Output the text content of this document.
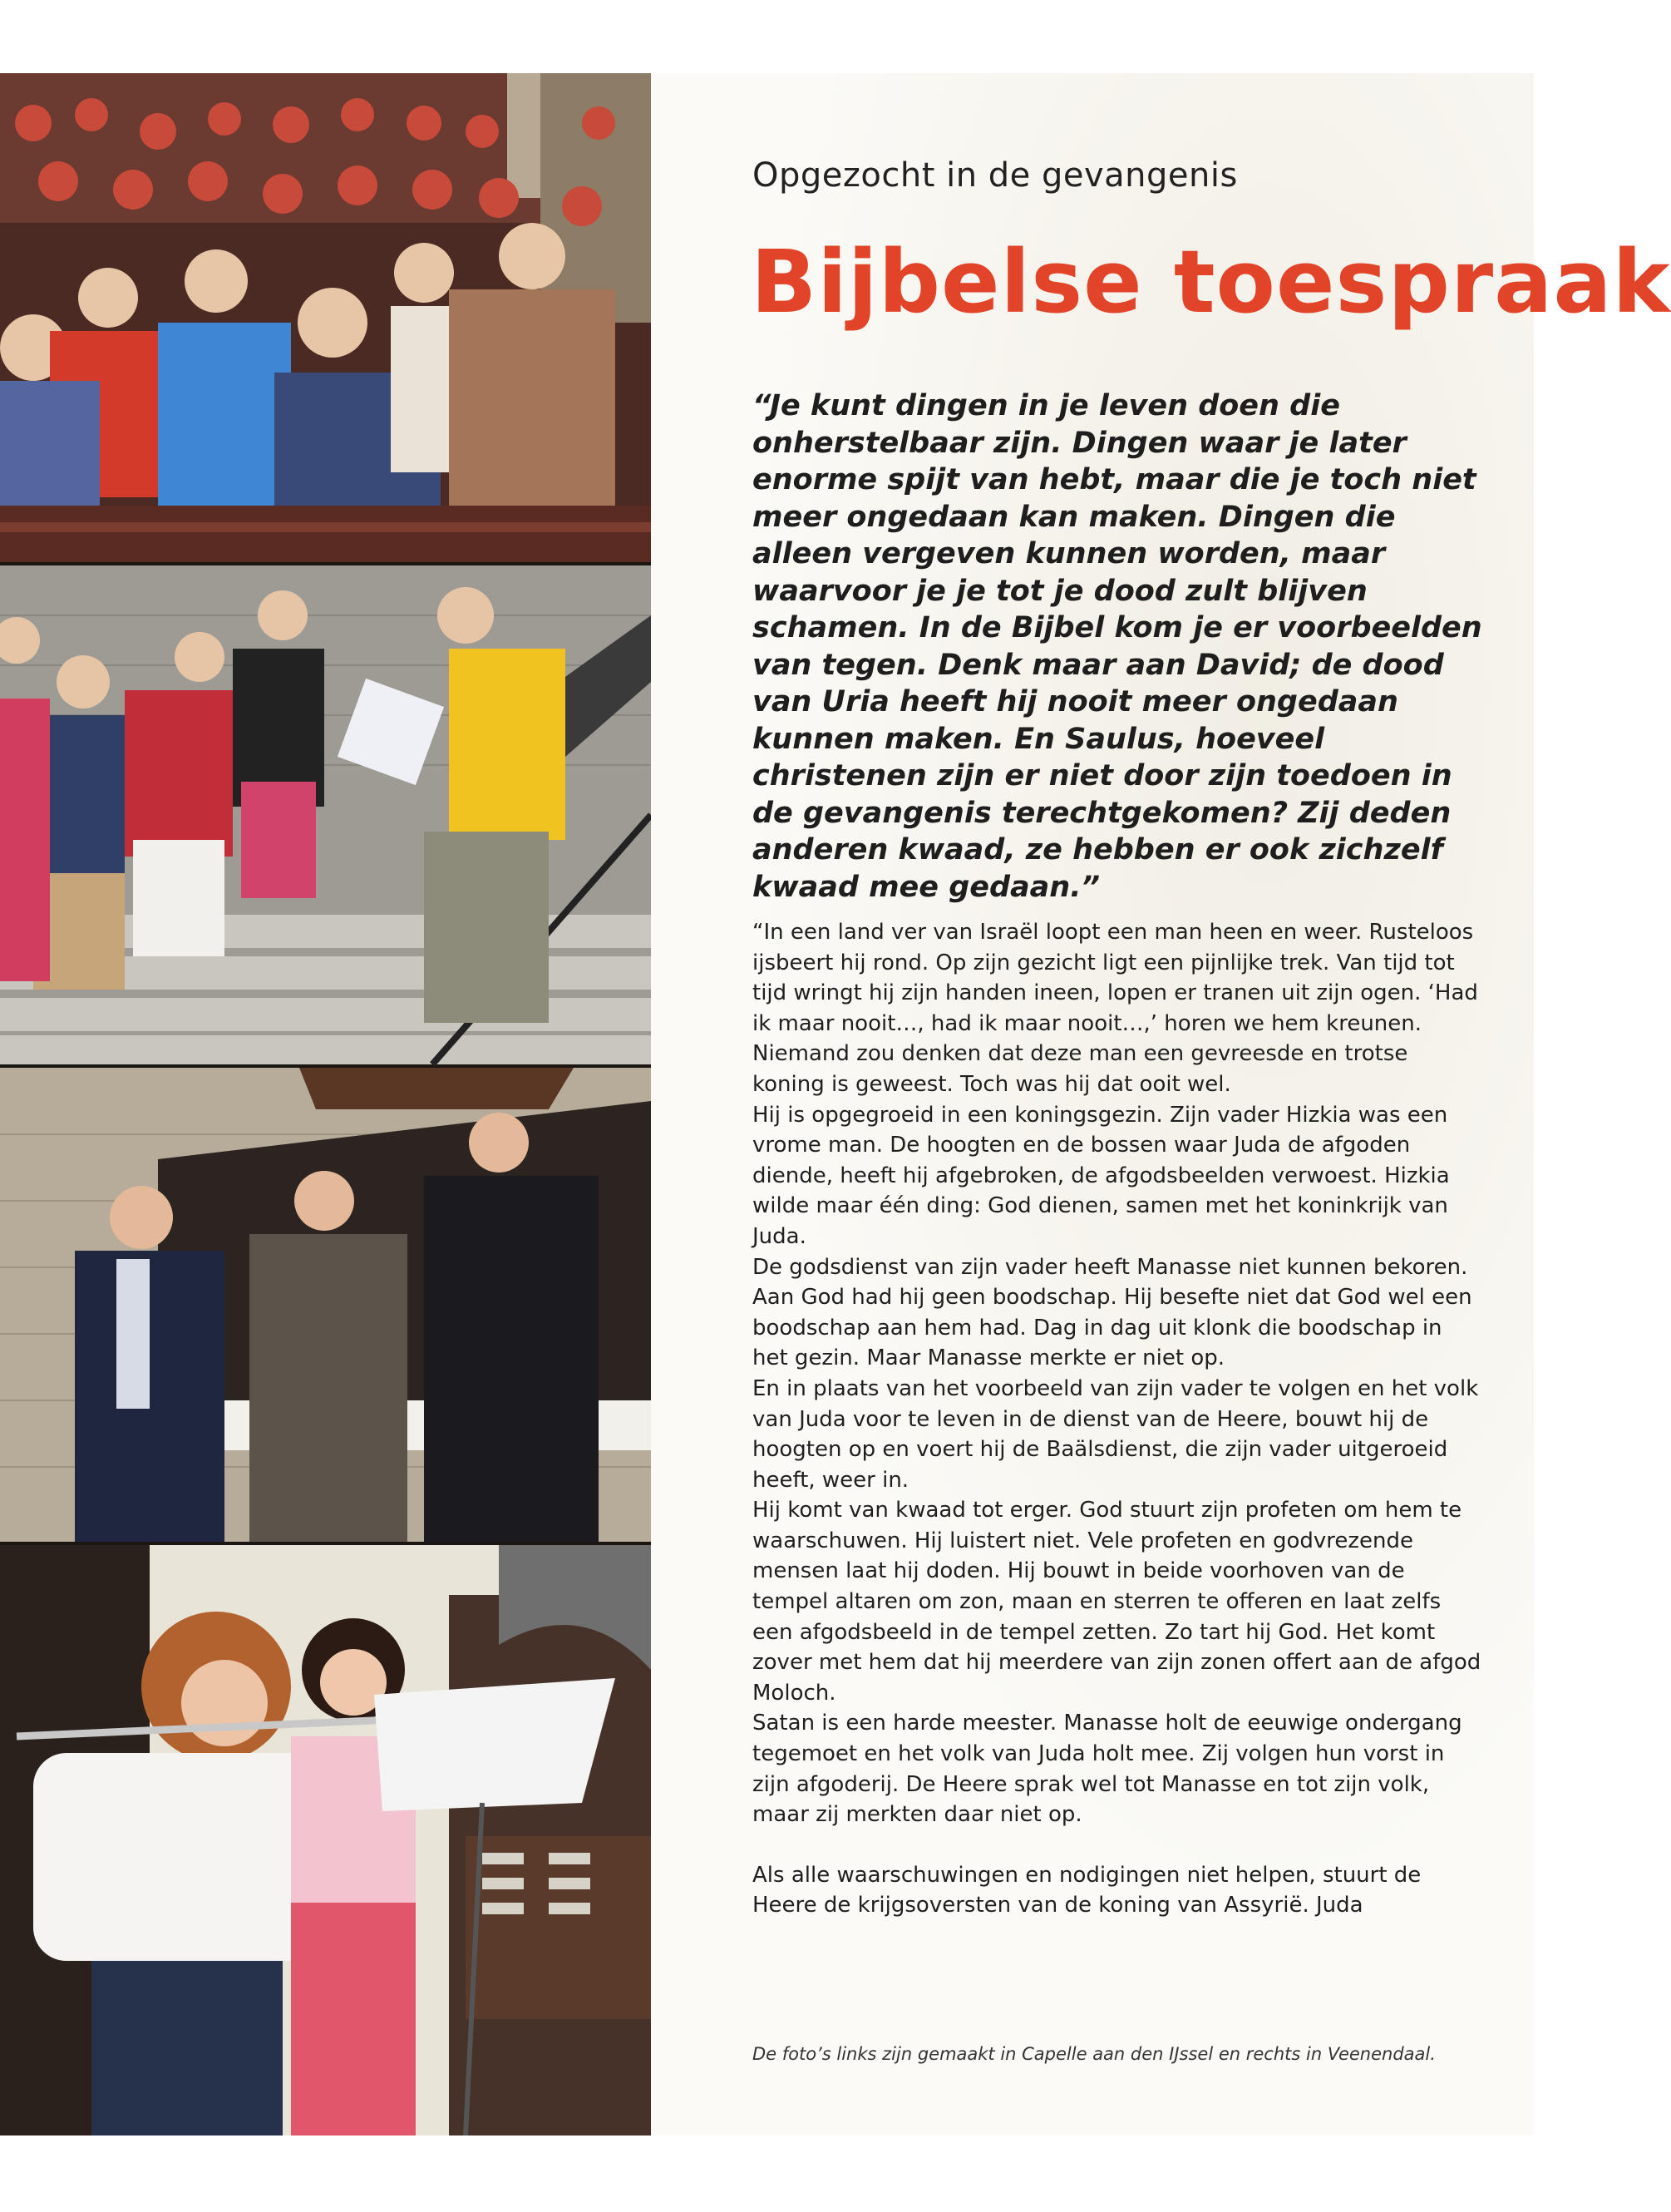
Opgezocht in de gevangenis
Bijbelse toespraak

“Je kunt dingen in je leven doen die onherstelbaar zijn. Dingen waar je later enorme spijt van hebt, maar die je toch niet meer ongedaan kan maken. Dingen die alleen vergeven kunnen worden, maar waarvoor je je tot je dood zult blijven schamen. In de Bijbel kom je er voorbeelden van tegen. Denk maar aan David; de dood van Uria heeft hij nooit meer ongedaan kunnen maken. En Saulus, hoeveel christenen zijn er niet door zijn toedoen in de gevangenis terechtgekomen? Zij deden anderen kwaad, ze hebben er ook zichzelf kwaad mee gedaan.”

“In een land ver van Israël loopt een man heen en weer. Rusteloos ijsbeert hij rond. Op zijn gezicht ligt een pijnlijke trek. Van tijd tot tijd wringt hij zijn handen ineen, lopen er tranen uit zijn ogen. ‘Had ik maar nooit…, had ik maar nooit…,’ horen we hem kreunen. Niemand zou denken dat deze man een gevreesde en trotse koning is geweest. Toch was hij dat ooit wel.

Hij is opgegroeid in een koningsgezin. Zijn vader Hizkia was een vrome man. De hoogten en de bossen waar Juda de afgoden diende, heeft hij afgebroken, de afgodsbeelden verwoest. Hizkia wilde maar één ding: God dienen, samen met het koninkrijk van Juda.

De godsdienst van zijn vader heeft Manasse niet kunnen bekoren. Aan God had hij geen boodschap. Hij besefte niet dat God wel een boodschap aan hem had. Dag in dag uit klonk die boodschap in het gezin. Maar Manasse merkte er niet op.

En in plaats van het voorbeeld van zijn vader te volgen en het volk van Juda voor te leven in de dienst van de Heere, bouwt hij de hoogten op en voert hij de Baälsdienst, die zijn vader uitgeroeid heeft, weer in.

Hij komt van kwaad tot erger. God stuurt zijn profeten om hem te waarschuwen. Hij luistert niet. Vele profeten en godvrezende mensen laat hij doden. Hij bouwt in beide voorhoven van de tempel altaren om zon, maan en sterren te offeren en laat zelfs een afgodsbeeld in de tempel zetten. Zo tart hij God. Het komt zover met hem dat hij meerdere van zijn zonen offert aan de afgod Moloch.

Satan is een harde meester. Manasse holt de eeuwige ondergang tegemoet en het volk van Juda holt mee. Zij volgen hun vorst in zijn afgoderij. De Heere sprak wel tot Manasse en tot zijn volk, maar zij merkten daar niet op.

Als alle waarschuwingen en nodigingen niet helpen, stuurt de Heere de krijgsoversten van de koning van Assyrië. Juda

De foto’s links zijn gemaakt in Capelle aan den IJssel en rechts in Veenendaal.
